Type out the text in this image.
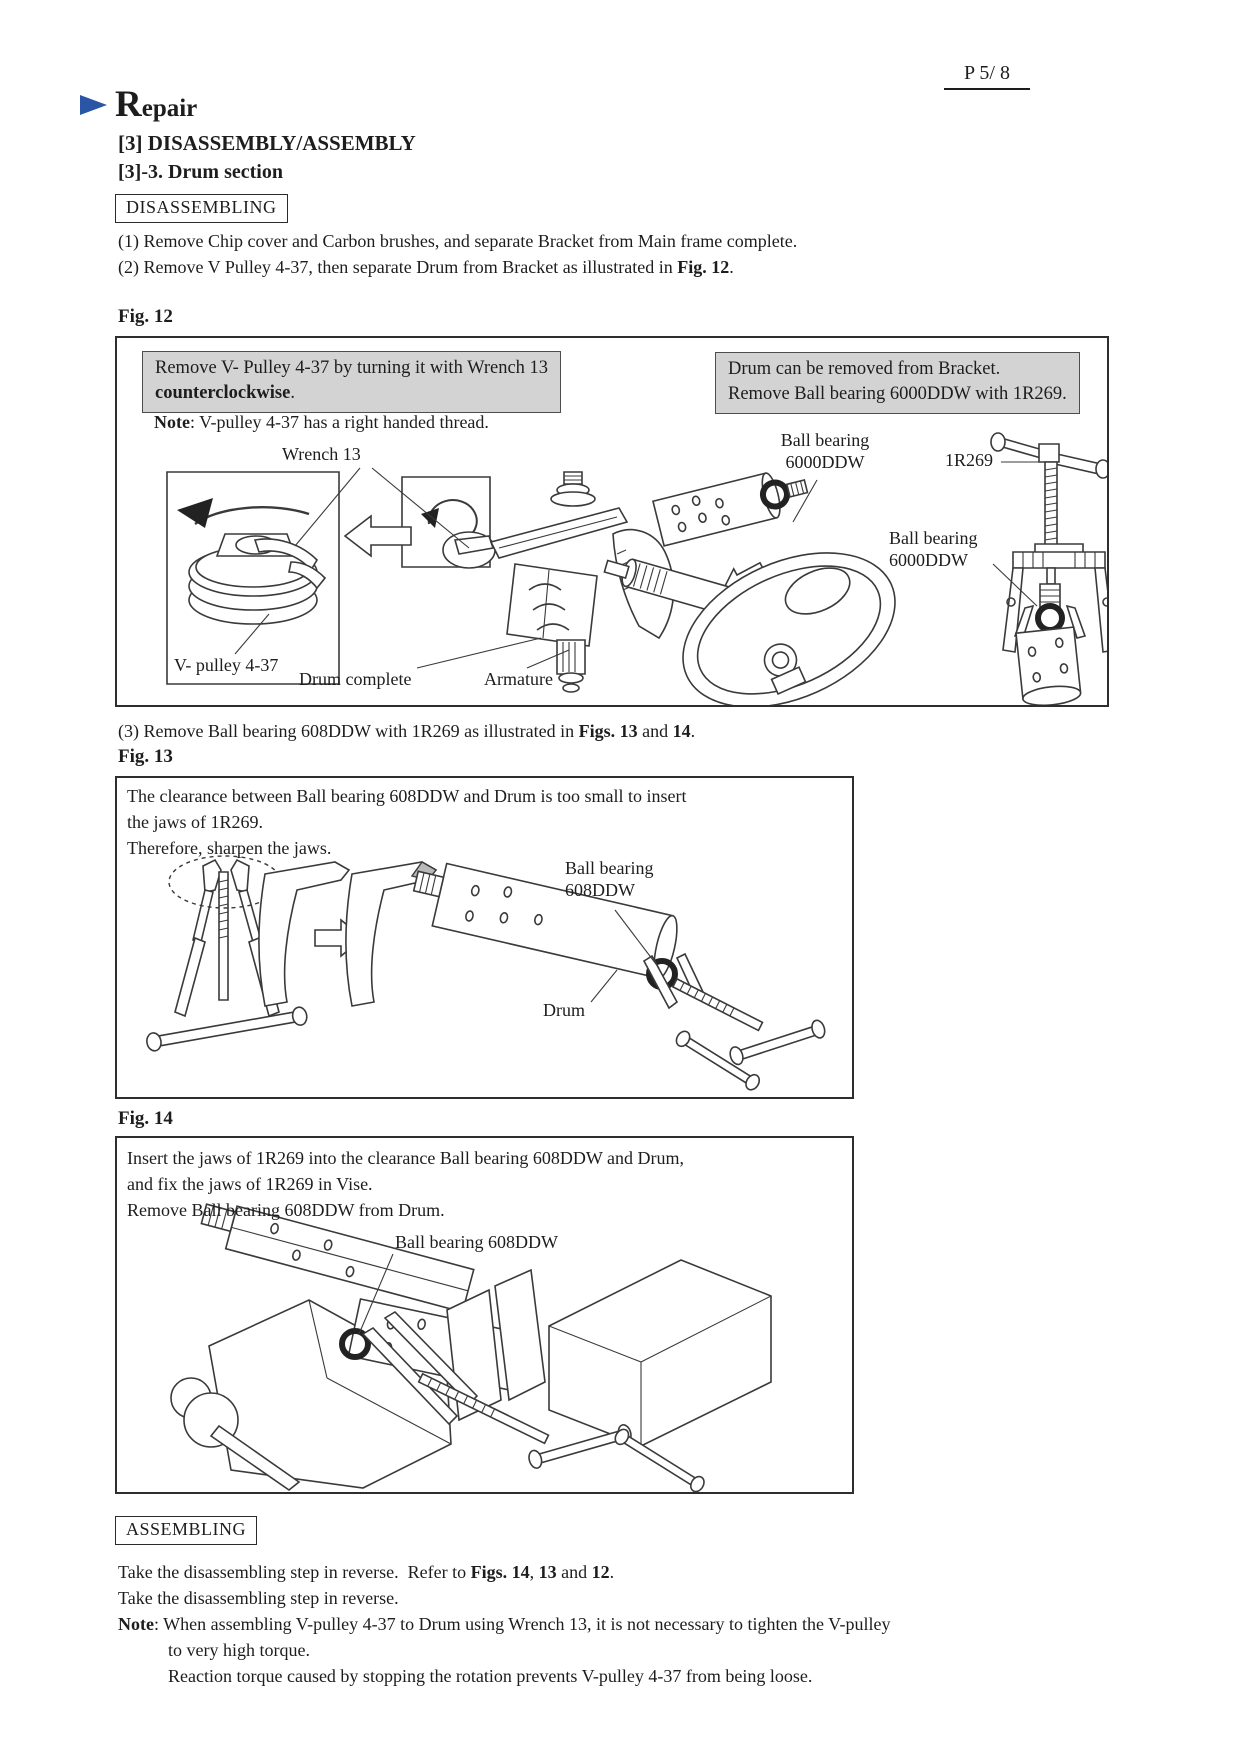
P 5/ 8
R epair
[3] DISASSEMBLY/ASSEMBLY
[3]-3. Drum section
DISASSEMBLING
(1) Remove Chip cover and Carbon brushes, and separate Bracket from Main frame complete.
(2) Remove V Pulley 4-37, then separate Drum from Bracket as illustrated in Fig. 12.
Fig. 12
Remove V- Pulley 4-37 by turning it with Wrench 13
counterclockwise.
Note: V-pulley 4-37 has a right handed thread.
Wrench 13
V- pulley 4-37
Drum complete	Armature
Drum can be removed from Bracket.
Remove Ball bearing 6000DDW with 1R269.
Ball bearing
6000DDW	1R269
Ball bearing
6000DDW
(3) Remove Ball bearing 608DDW with 1R269 as illustrated in Figs. 13 and 14.
Fig. 13
The clearance between Ball bearing 608DDW and Drum is too small to insert
the jaws of 1R269.
Therefore, sharpen the jaws.
Ball bearing
608DDW
Drum
Fig. 14
Insert the jaws of 1R269 into the clearance Ball bearing 608DDW and Drum,
and fix the jaws of 1R269 in Vise.
Remove Ball bearing 608DDW from Drum.
Ball bearing 608DDW
ASSEMBLING
Take the disassembling step in reverse.  Refer to Figs. 14, 13 and 12.
Take the disassembling step in reverse.
Note: When assembling V-pulley 4-37 to Drum using Wrench 13, it is not necessary to tighten the V-pulley
to very high torque.
Reaction torque caused by stopping the rotation prevents V-pulley 4-37 from being loose.
